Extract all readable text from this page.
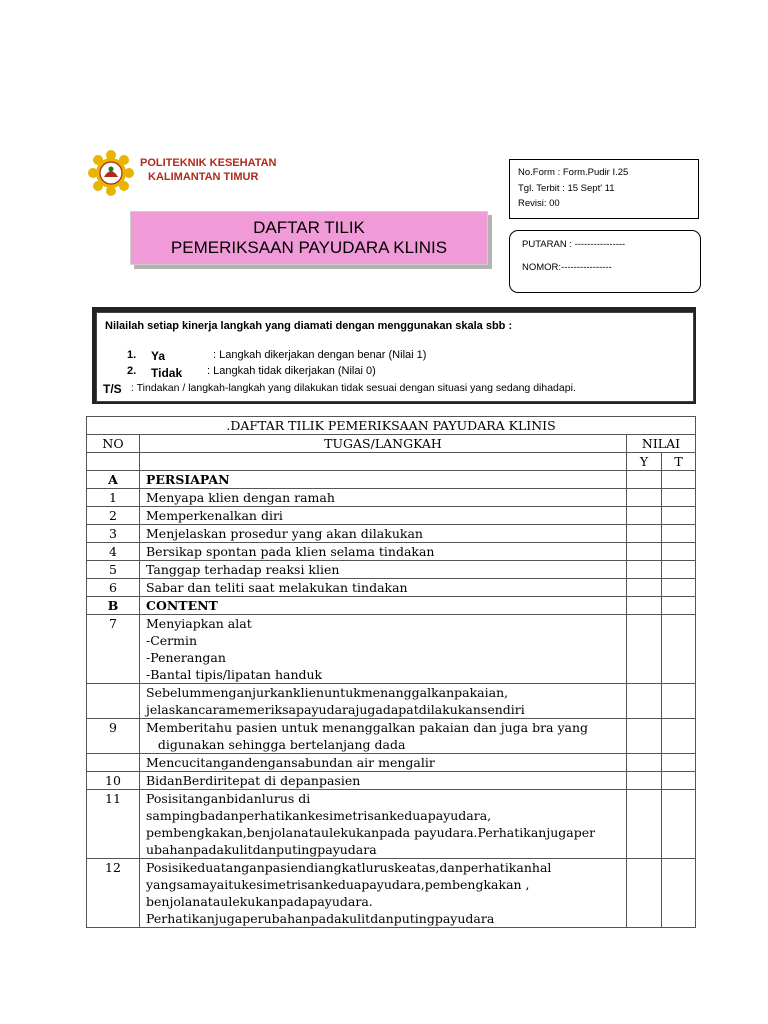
POLITEKNIK KESEHATAN
KALIMANTAN TIMUR	No.Form : Form.Pudir I.25
Tgl. Terbit : 15 Sept' 11
Revisi: 00
DAFTAR TILIK
PEMERIKSAAN PAYUDARA KLINIS	PUTARAN : ----------------
NOMOR:----------------
Nilailah setiap kinerja langkah yang diamati dengan menggunakan skala sbb :
1. Ya	: Langkah dikerjakan dengan benar (Nilai 1)
2. Tidak : Langkah tidak dikerjakan (Nilai 0)
T/S : Tindakan / langkah-langkah yang dilakukan tidak sesuai dengan situasi yang sedang dihadapi.
.DAFTAR TILIK PEMERIKSAAN PAYUDARA KLINIS			
NO	TUGAS/LANGKAH	NILAI	
		Y	T
A	PERSIAPAN		
1	Menyapa klien dengan ramah		
2	Memperkenalkan diri		
3	Menjelaskan prosedur yang akan dilakukan		
4	Bersikap spontan pada klien selama tindakan		
5	Tanggap terhadap reaksi klien		
6	Sabar dan teliti saat melakukan tindakan		
B	CONTENT		
7	Menyiapkan alat
-Cermin
-Penerangan
-Bantal tipis/lipatan handuk		
	Sebelummenganjurkanklienuntukmenanggalkanpakaian,
jelaskancaramemeriksapayudarajugadapatdilakukansendiri		
9	Memberitahu pasien untuk menanggalkan pakaian dan juga bra yang
digunakan sehingga bertelanjang dada		
	Mencucitangandengansabundan air mengalir		
10	BidanBerdiritepat di depanpasien		
11	Posisitanganbidanlurus di
sampingbadanperhatikankesimetrisankeduapayudara,
pembengkakan,benjolanataulekukanpada payudara.Perhatikanjugaper
ubahanpadakulitdanputingpayudara		
12	Posisikeduatanganpasiendiangkatluruskeatas,danperhatikanhal
yangsamayaitukesimetrisankeduapayudara,pembengkakan ,
benjolanataulekukanpadapayudara.
Perhatikanjugaperubahanpadakulitdanputingpayudara		
